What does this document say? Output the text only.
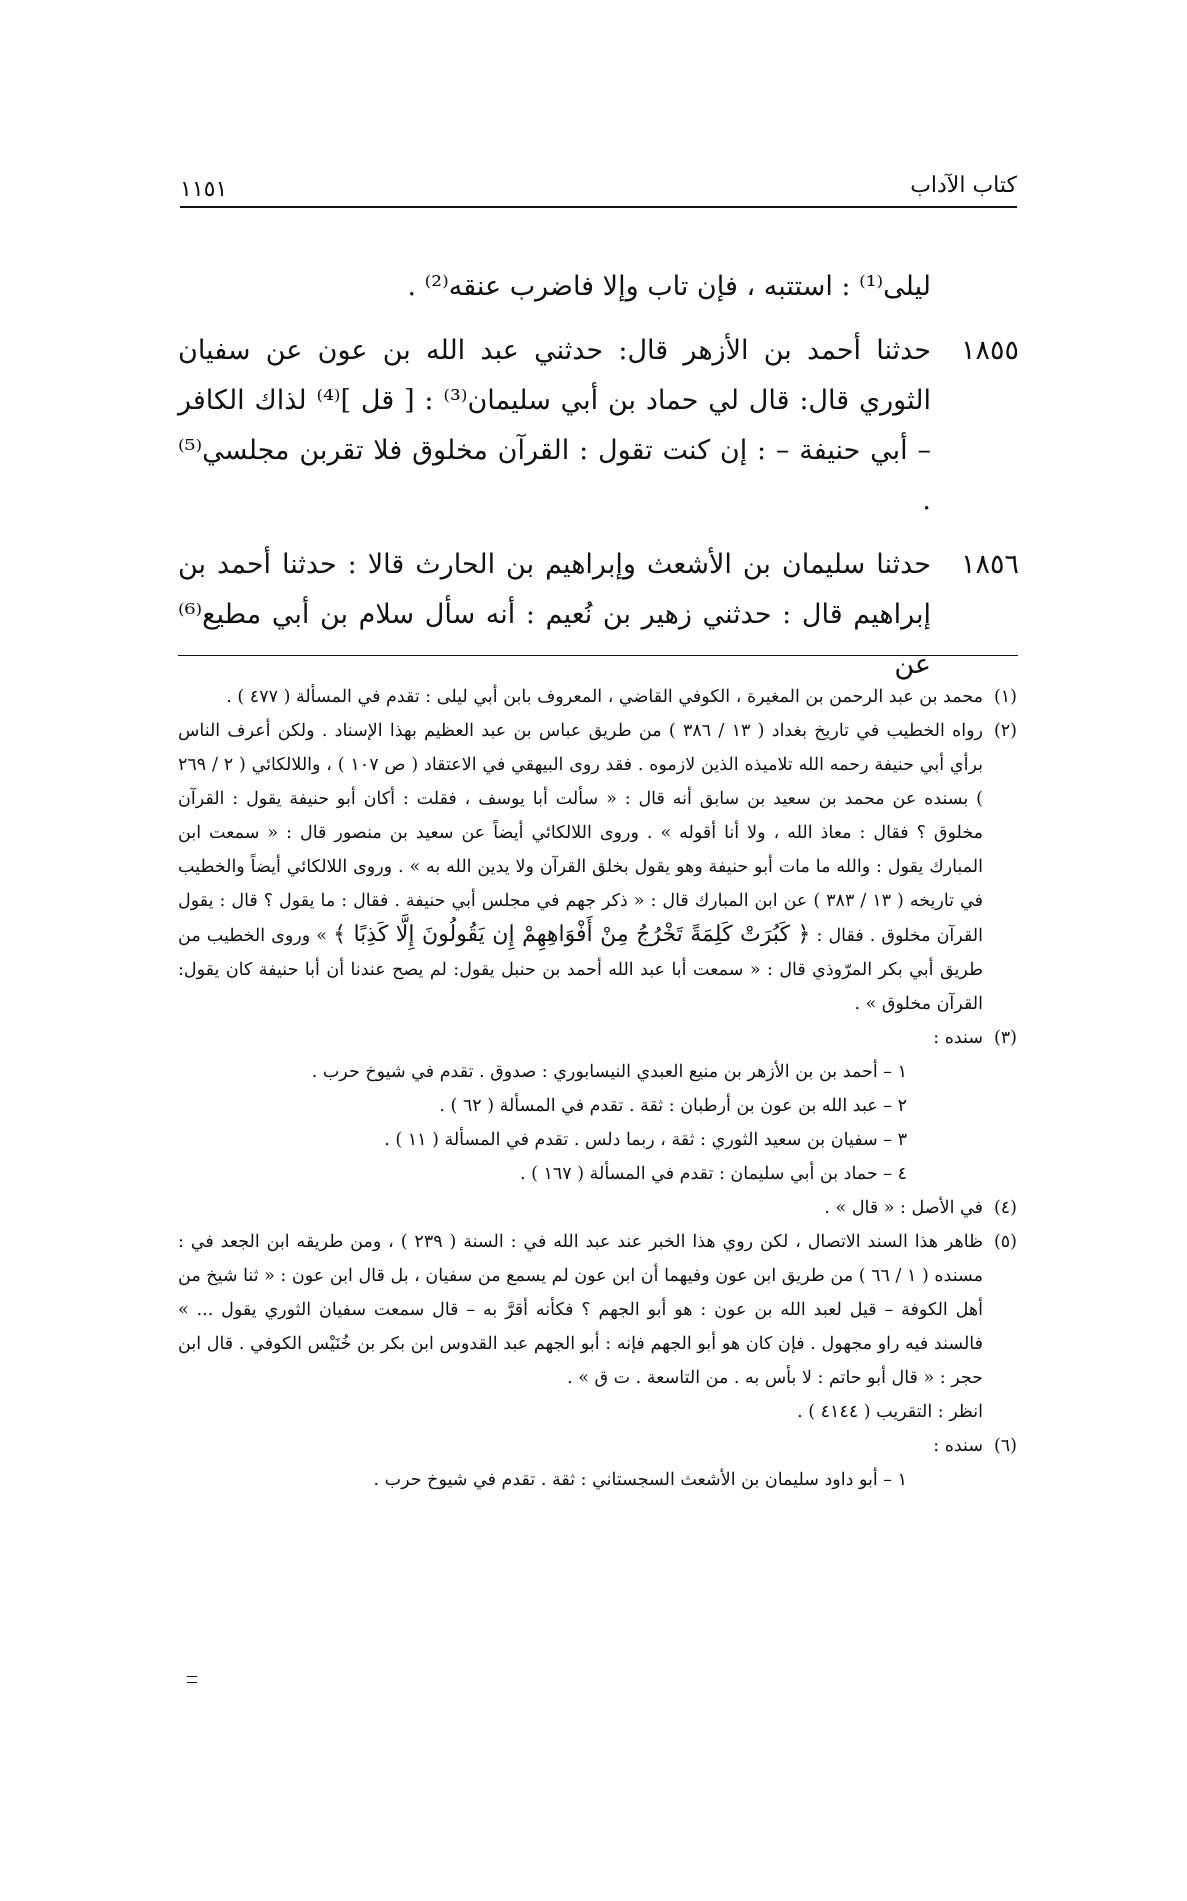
كتاب الآداب
١١٥١

ليلى⁽¹⁾ : استتبه ، فإن تاب وإلا فاضرب عنقه⁽²⁾ .

١٨٥٥
حدثنا أحمد بن الأزهر قال: حدثني عبد الله بن عون عن سفيان الثوري قال: قال لي حماد بن أبي سليمان⁽³⁾ : [ قل ]⁽⁴⁾ لذاك الكافر – أبي حنيفة – : إن كنت تقول : القرآن مخلوق فلا تقربن مجلسي⁽⁵⁾ .

١٨٥٦
حدثنا سليمان بن الأشعث وإبراهيم بن الحارث قالا : حدثنا أحمد بن إبراهيم قال : حدثني زهير بن نُعيم : أنه سأل سلام بن أبي مطيع⁽⁶⁾ عن

(١)
محمد بن عبد الرحمن بن المغيرة ، الكوفي القاضي ، المعروف بابن أبي ليلى : تقدم في المسألة ( ٤٧٧ ) .

(٢)
رواه الخطيب في تاريخ بغداد ( ١٣ / ٣٨٦ ) من طريق عباس بن عبد العظيم بهذا الإسناد . ولكن أعرف الناس برأي أبي حنيفة رحمه الله تلاميذه الذين لازموه . فقد روى البيهقي في الاعتقاد ( ص ١٠٧ ) ، واللالكائي ( ٢ / ٢٦٩ ) بسنده عن محمد بن سعيد بن سابق أنه قال : « سألت أبا يوسف ، فقلت : أكان أبو حنيفة يقول : القرآن مخلوق ؟ فقال : معاذ الله ، ولا أنا أقوله » . وروى اللالكائي أيضاً عن سعيد بن منصور قال : « سمعت ابن المبارك يقول : والله ما مات أبو حنيفة وهو يقول بخلق القرآن ولا يدين الله به » . وروى اللالكائي أيضاً والخطيب في تاريخه ( ١٣ / ٣٨٣ ) عن ابن المبارك قال : « ذكر جهم في مجلس أبي حنيفة . فقال : ما يقول ؟ قال : يقول القرآن مخلوق . فقال : ﴿ كَبُرَتْ كَلِمَةً تَخْرُجُ مِنْ أَفْوَاهِهِمْ إِن يَقُولُونَ إِلَّا كَذِبًا ﴾ » وروى الخطيب من طريق أبي بكر المرّوذي قال : « سمعت أبا عبد الله أحمد بن حنبل يقول: لم يصح عندنا أن أبا حنيفة كان يقول: القرآن مخلوق » .

(٣)
سنده :
١ – أحمد بن بن الأزهر بن منيع العبدي النيسابوري : صدوق . تقدم في شيوخ حرب .
٢ – عبد الله بن عون بن أرطبان : ثقة . تقدم في المسألة ( ٦٢ ) .
٣ – سفيان بن سعيد الثوري : ثقة ، ربما دلس . تقدم في المسألة ( ١١ ) .
٤ – حماد بن أبي سليمان : تقدم في المسألة ( ١٦٧ ) .

(٤)
في الأصل : « قال » .

(٥)
ظاهر هذا السند الاتصال ، لكن روي هذا الخبر عند عبد الله في : السنة ( ٢٣٩ ) ، ومن طريقه ابن الجعد في : مسنده ( ١ / ٦٦ ) من طريق ابن عون وفيهما أن ابن عون لم يسمع من سفيان ، بل قال ابن عون : « ثنا شيخ من أهل الكوفة – قيل لعبد الله بن عون : هو أبو الجهم ؟ فكأنه أقرَّ به – قال سمعت سفيان الثوري يقول ... » فالسند فيه راو مجهول . فإن كان هو أبو الجهم فإنه : أبو الجهم عبد القدوس ابن بكر بن خُنَيْس الكوفي . قال ابن حجر : « قال أبو حاتم : لا بأس به . من التاسعة . ت ق » .
انظر : التقريب ( ٤١٤٤ ) .

(٦)
سنده :
١ – أبو داود سليمان بن الأشعث السجستاني : ثقة . تقدم في شيوخ حرب .
